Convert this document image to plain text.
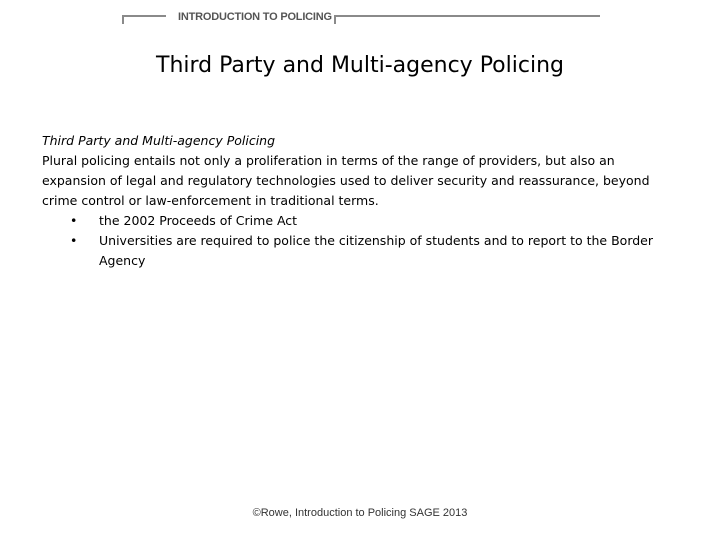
INTRODUCTION TO POLICING
Third Party and Multi-agency Policing

Third Party and Multi-agency Policing

Plural policing entails not only a proliferation in terms of the range of providers, but also an expansion of legal and regulatory technologies used to deliver security and reassurance, beyond crime control or law-enforcement in traditional terms.

• the 2002 Proceeds of Crime Act
• Universities are required to police the citizenship of students and to report to the Border Agency
©Rowe, Introduction to Policing SAGE 2013
